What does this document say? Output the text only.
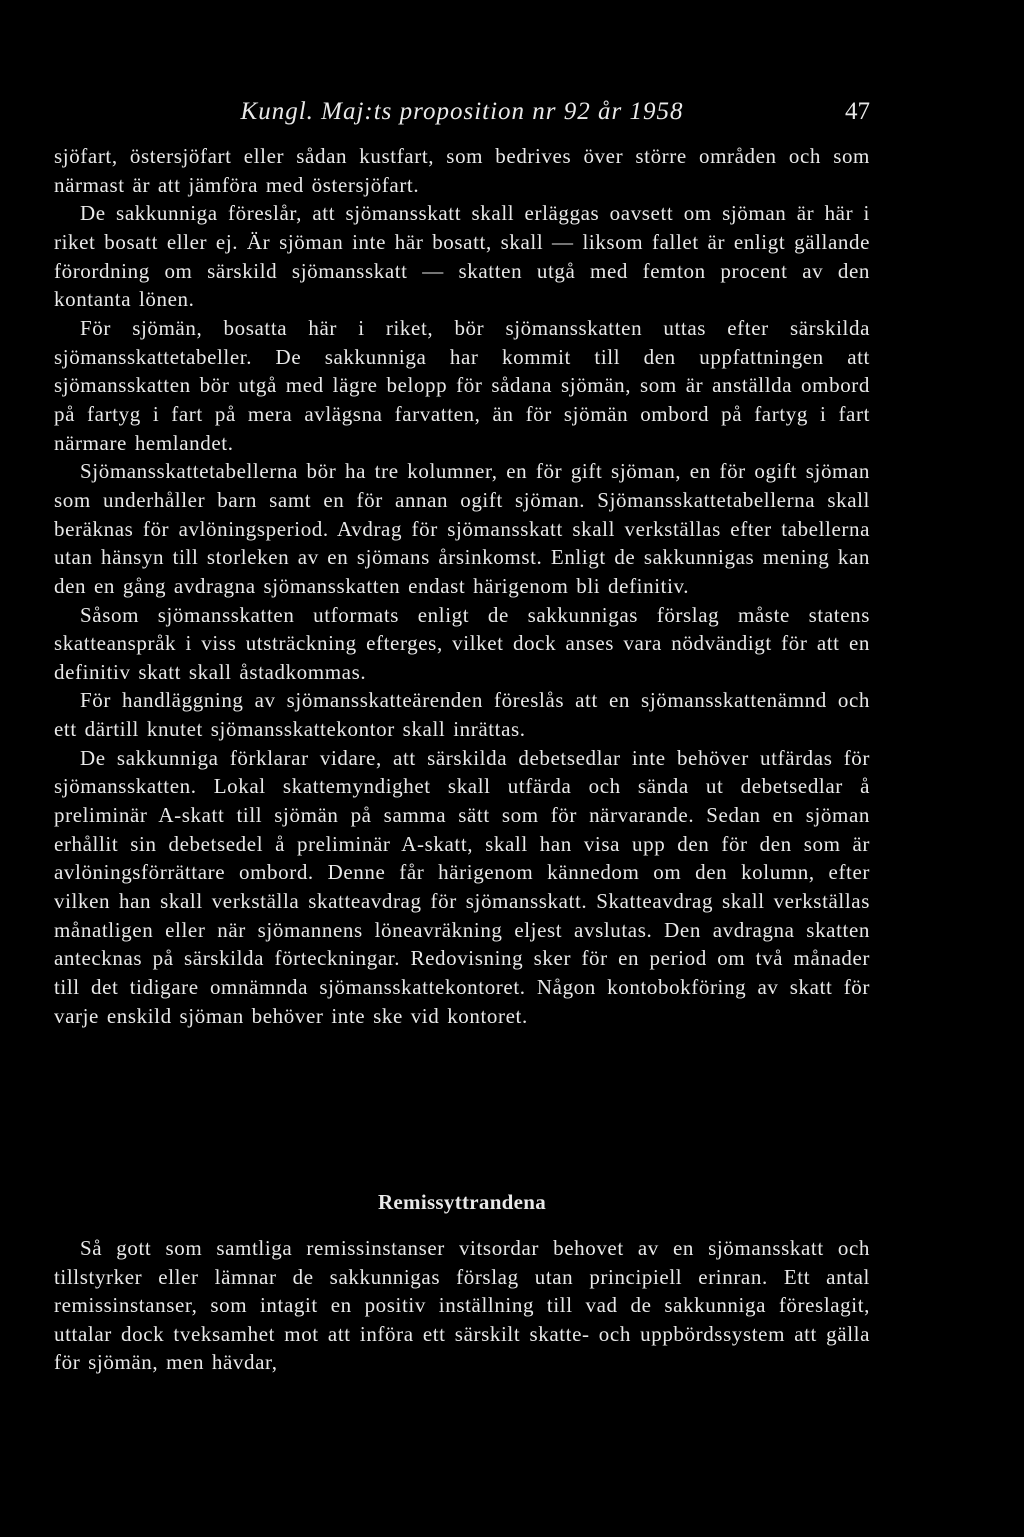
Kungl. Maj:ts proposition nr 92 år 1958	47

sjöfart, östersjöfart eller sådan kustfart, som bedrives över större områden och som närmast är att jämföra med östersjöfart.

De sakkunniga föreslår, att sjömansskatt skall erläggas oavsett om sjöman är här i riket bosatt eller ej. Är sjöman inte här bosatt, skall — liksom fallet är enligt gällande förordning om särskild sjömansskatt — skatten utgå med femton procent av den kontanta lönen.

För sjömän, bosatta här i riket, bör sjömansskatten uttas efter särskilda sjömansskattetabeller. De sakkunniga har kommit till den uppfattningen att sjömansskatten bör utgå med lägre belopp för sådana sjömän, som är anställda ombord på fartyg i fart på mera avlägsna farvatten, än för sjömän ombord på fartyg i fart närmare hemlandet.

Sjömansskattetabellerna bör ha tre kolumner, en för gift sjöman, en för ogift sjöman som underhåller barn samt en för annan ogift sjöman. Sjömansskattetabellerna skall beräknas för avlöningsperiod. Avdrag för sjömansskatt skall verkställas efter tabellerna utan hänsyn till storleken av en sjömans årsinkomst. Enligt de sakkunnigas mening kan den en gång avdragna sjömansskatten endast härigenom bli definitiv.

Såsom sjömansskatten utformats enligt de sakkunnigas förslag måste statens skatteanspråk i viss utsträckning efterges, vilket dock anses vara nödvändigt för att en definitiv skatt skall åstadkommas.

För handläggning av sjömansskatteärenden föreslås att en sjömansskattenämnd och ett därtill knutet sjömansskattekontor skall inrättas.

De sakkunniga förklarar vidare, att särskilda debetsedlar inte behöver utfärdas för sjömansskatten. Lokal skattemyndighet skall utfärda och sända ut debetsedlar å preliminär A-skatt till sjömän på samma sätt som för närvarande. Sedan en sjöman erhållit sin debetsedel å preliminär A-skatt, skall han visa upp den för den som är avlöningsförrättare ombord. Denne får härigenom kännedom om den kolumn, efter vilken han skall verkställa skatteavdrag för sjömansskatt. Skatteavdrag skall verkställas månatligen eller när sjömannens löneavräkning eljest avslutas. Den avdragna skatten antecknas på särskilda förteckningar. Redovisning sker för en period om två månader till det tidigare omnämnda sjömansskattekontoret. Någon kontobokföring av skatt för varje enskild sjöman behöver inte ske vid kontoret.

Remissyttrandena

Så gott som samtliga remissinstanser vitsordar behovet av en sjömansskatt och tillstyrker eller lämnar de sakkunnigas förslag utan principiell erinran. Ett antal remissinstanser, som intagit en positiv inställning till vad de sakkunniga föreslagit, uttalar dock tveksamhet mot att införa ett särskilt skatte- och uppbördssystem att gälla för sjömän, men hävdar,
